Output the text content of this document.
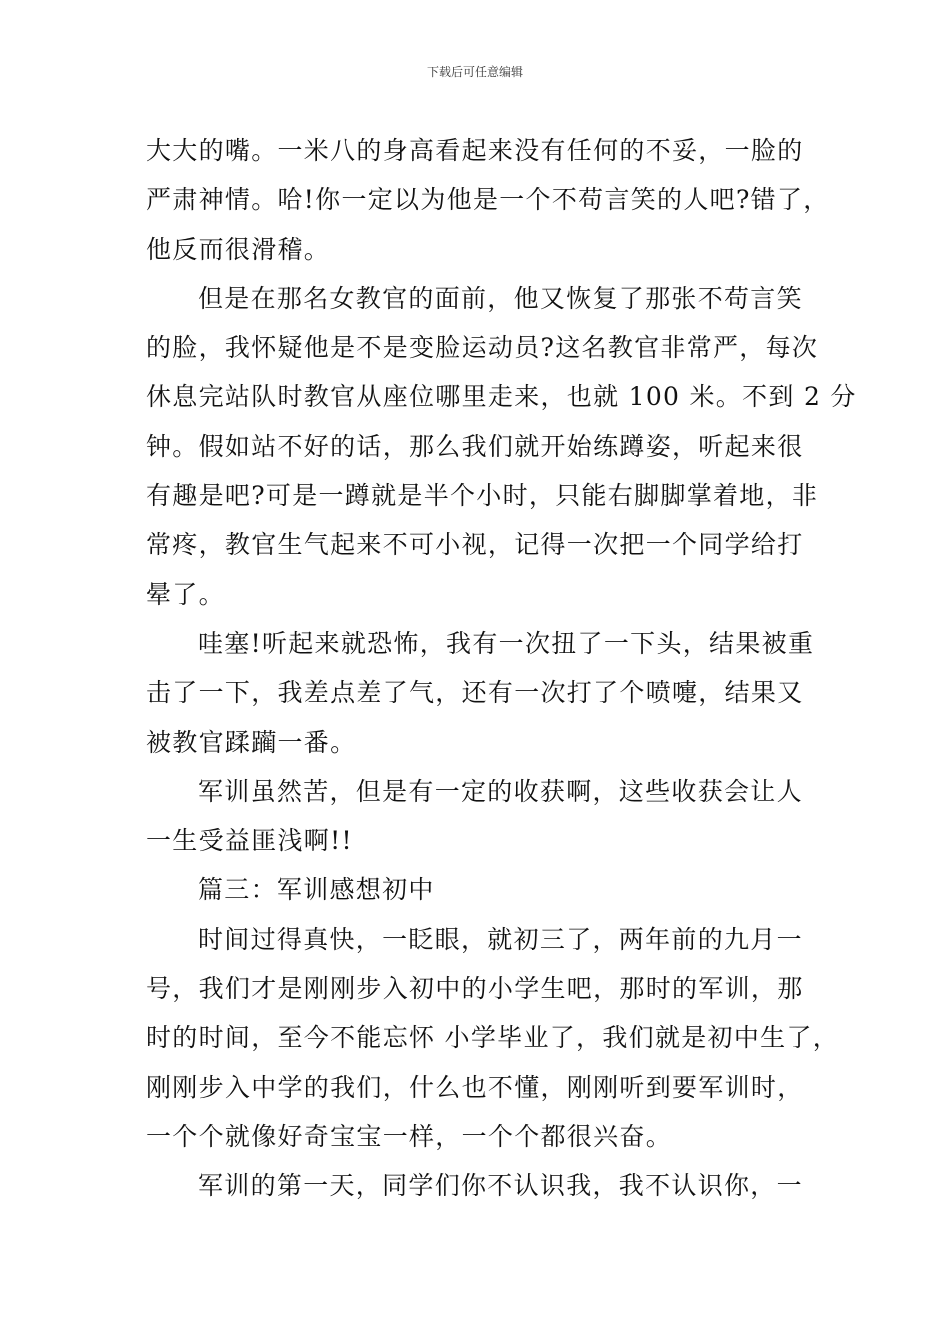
下载后可任意编辑

大大的嘴。一米八的身高看起来没有任何的不妥，一脸的
严肃神情。哈!你一定以为他是一个不苟言笑的人吧?错了，
他反而很滑稽。

但是在那名女教官的面前，他又恢复了那张不苟言笑
的脸，我怀疑他是不是变脸运动员?这名教官非常严，每次
休息完站队时教官从座位哪里走来，也就 100 米。不到 2 分
钟。假如站不好的话，那么我们就开始练蹲姿，听起来很
有趣是吧?可是一蹲就是半个小时，只能右脚脚掌着地，非
常疼，教官生气起来不可小视，记得一次把一个同学给打
晕了。

哇塞!听起来就恐怖，我有一次扭了一下头，结果被重
击了一下，我差点差了气，还有一次打了个喷嚏，结果又
被教官蹂躏一番。

军训虽然苦，但是有一定的收获啊，这些收获会让人
一生受益匪浅啊!!

篇三：军训感想初中

时间过得真快，一眨眼，就初三了，两年前的九月一
号，我们才是刚刚步入初中的小学生吧，那时的军训，那
时的时间，至今不能忘怀 小学毕业了，我们就是初中生了，
刚刚步入中学的我们，什么也不懂，刚刚听到要军训时，
一个个就像好奇宝宝一样，一个个都很兴奋。

军训的第一天，同学们你不认识我，我不认识你，一
